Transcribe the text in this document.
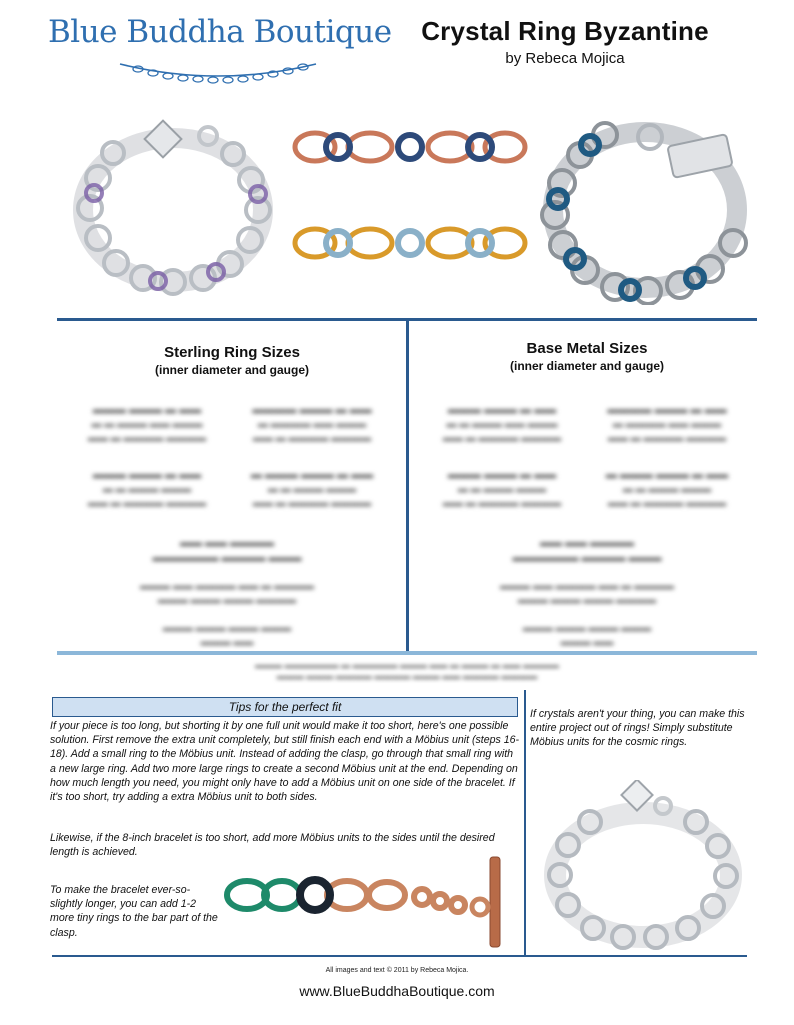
Blue Buddha Boutique	Crystal Ring Byzantine
by Rebeca Mojica
Sterling Ring Sizes
(inner diameter and gauge)
Base Metal Sizes
(inner diameter and gauge)
▬▬▬ ▬▬▬ ▬ ▬▬
▬ ▬ ▬▬▬ ▬▬ ▬▬▬
▬▬ ▬ ▬▬▬▬ ▬▬▬▬
▬▬▬▬ ▬▬▬ ▬ ▬▬
▬ ▬▬▬▬ ▬▬ ▬▬▬
▬▬ ▬ ▬▬▬▬ ▬▬▬▬
▬▬▬ ▬▬▬ ▬ ▬▬
▬ ▬ ▬▬▬ ▬▬▬
▬▬ ▬ ▬▬▬▬ ▬▬▬▬
▬ ▬▬▬ ▬▬▬ ▬ ▬▬
▬ ▬ ▬▬▬ ▬▬▬
▬▬ ▬ ▬▬▬▬ ▬▬▬▬
▬▬ ▬▬ ▬▬▬▬
▬▬▬▬▬▬ ▬▬▬▬ ▬▬▬

▬▬▬ ▬▬ ▬▬▬▬ ▬▬ ▬ ▬▬▬▬
▬▬▬ ▬▬▬ ▬▬▬ ▬▬▬▬

▬▬▬ ▬▬▬ ▬▬▬ ▬▬▬
▬▬▬ ▬▬
▬▬▬ ▬▬▬ ▬ ▬▬
▬ ▬ ▬▬▬ ▬▬ ▬▬▬
▬▬ ▬ ▬▬▬▬ ▬▬▬▬
▬▬▬▬ ▬▬▬ ▬ ▬▬
▬ ▬▬▬▬ ▬▬ ▬▬▬
▬▬ ▬ ▬▬▬▬ ▬▬▬▬
▬▬▬ ▬▬▬ ▬ ▬▬
▬ ▬ ▬▬▬ ▬▬▬
▬▬ ▬ ▬▬▬▬ ▬▬▬▬
▬ ▬▬▬ ▬▬▬ ▬ ▬▬
▬ ▬ ▬▬▬ ▬▬▬
▬▬ ▬ ▬▬▬▬ ▬▬▬▬
▬▬ ▬▬ ▬▬▬▬
▬▬▬▬▬▬ ▬▬▬▬ ▬▬▬

▬▬▬ ▬▬ ▬▬▬▬ ▬▬ ▬ ▬▬▬▬
▬▬▬ ▬▬▬ ▬▬▬ ▬▬▬▬

▬▬▬ ▬▬▬ ▬▬▬ ▬▬▬
▬▬▬ ▬▬
▬▬▬ ▬▬▬▬▬▬ ▬ ▬▬▬▬▬ ▬▬▬ ▬▬ ▬ ▬▬▬ ▬ ▬▬ ▬▬▬▬
▬▬▬ ▬▬▬ ▬▬▬▬ ▬▬▬▬ ▬▬▬ ▬▬ ▬▬▬▬ ▬▬▬▬
Tips for the perfect fit
If your piece is too long, but shorting it by one full unit would make it too short, here's one possible solution. First remove the extra unit completely, but still finish each end with a Möbius unit (steps 16-18). Add a small ring to the Möbius unit. Instead of adding the clasp, go through that small ring with a new large ring. Add two more large rings to create a second Möbius unit at the end. Depending on how much length you need, you might only have to add a Möbius unit on one side of the bracelet. If it's too short, try adding a extra Möbius unit to both sides.
Likewise, if the 8-inch bracelet is too short, add more Möbius units to the sides until the desired length is achieved.
To make the bracelet ever-so-slightly longer, you can add 1-2 more tiny rings to the bar part of the clasp.
If crystals aren't your thing, you can make this entire project out of rings! Simply substitute Möbius units for the cosmic rings.
All images and text © 2011 by Rebeca Mojica.
www.BlueBuddhaBoutique.com
